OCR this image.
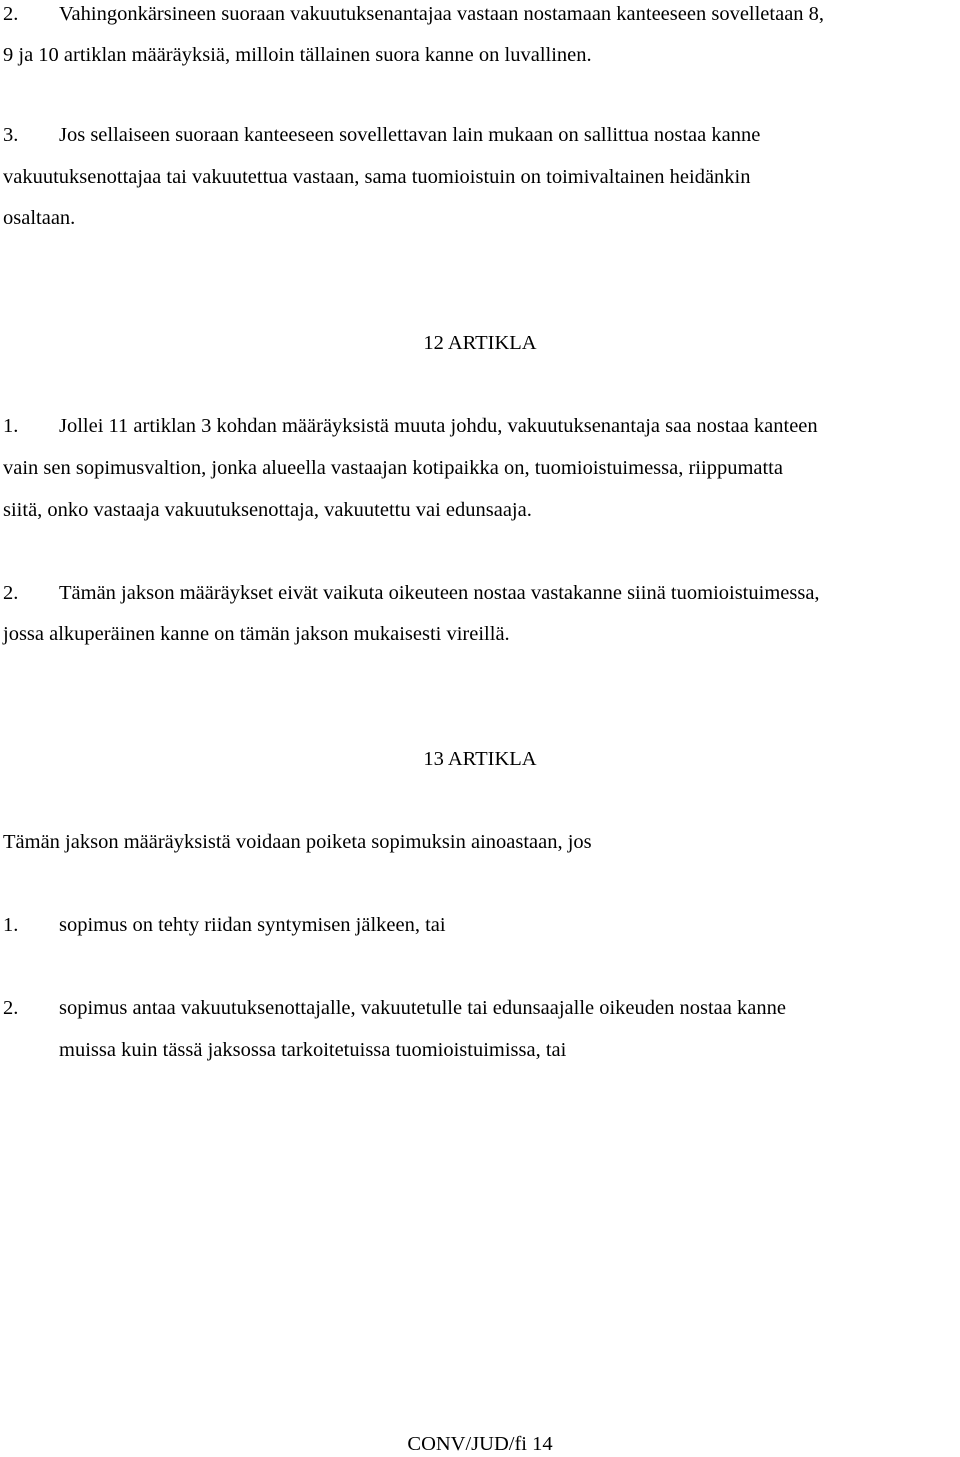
2. Vahingonkärsineen suoraan vakuutuksenantajaa vastaan nostamaan kanteeseen sovelletaan 8,
9 ja 10 artiklan määräyksiä, milloin tällainen suora kanne on luvallinen.
3. Jos sellaiseen suoraan kanteeseen sovellettavan lain mukaan on sallittua nostaa kanne
vakuutuksenottajaa tai vakuutettua vastaan, sama tuomioistuin on toimivaltainen heidänkin
osaltaan.
12 ARTIKLA
1. Jollei 11 artiklan 3 kohdan määräyksistä muuta johdu, vakuutuksenantaja saa nostaa kanteen
vain sen sopimusvaltion, jonka alueella vastaajan kotipaikka on, tuomioistuimessa, riippumatta
siitä, onko vastaaja vakuutuksenottaja, vakuutettu vai edunsaaja.
2. Tämän jakson määräykset eivät vaikuta oikeuteen nostaa vastakanne siinä tuomioistuimessa,
jossa alkuperäinen kanne on tämän jakson mukaisesti vireillä.
13 ARTIKLA
Tämän jakson määräyksistä voidaan poiketa sopimuksin ainoastaan, jos
1. sopimus on tehty riidan syntymisen jälkeen, tai
2. sopimus antaa vakuutuksenottajalle, vakuutetulle tai edunsaajalle oikeuden nostaa kanne
muissa kuin tässä jaksossa tarkoitetuissa tuomioistuimissa, tai
CONV/JUD/fi 14
